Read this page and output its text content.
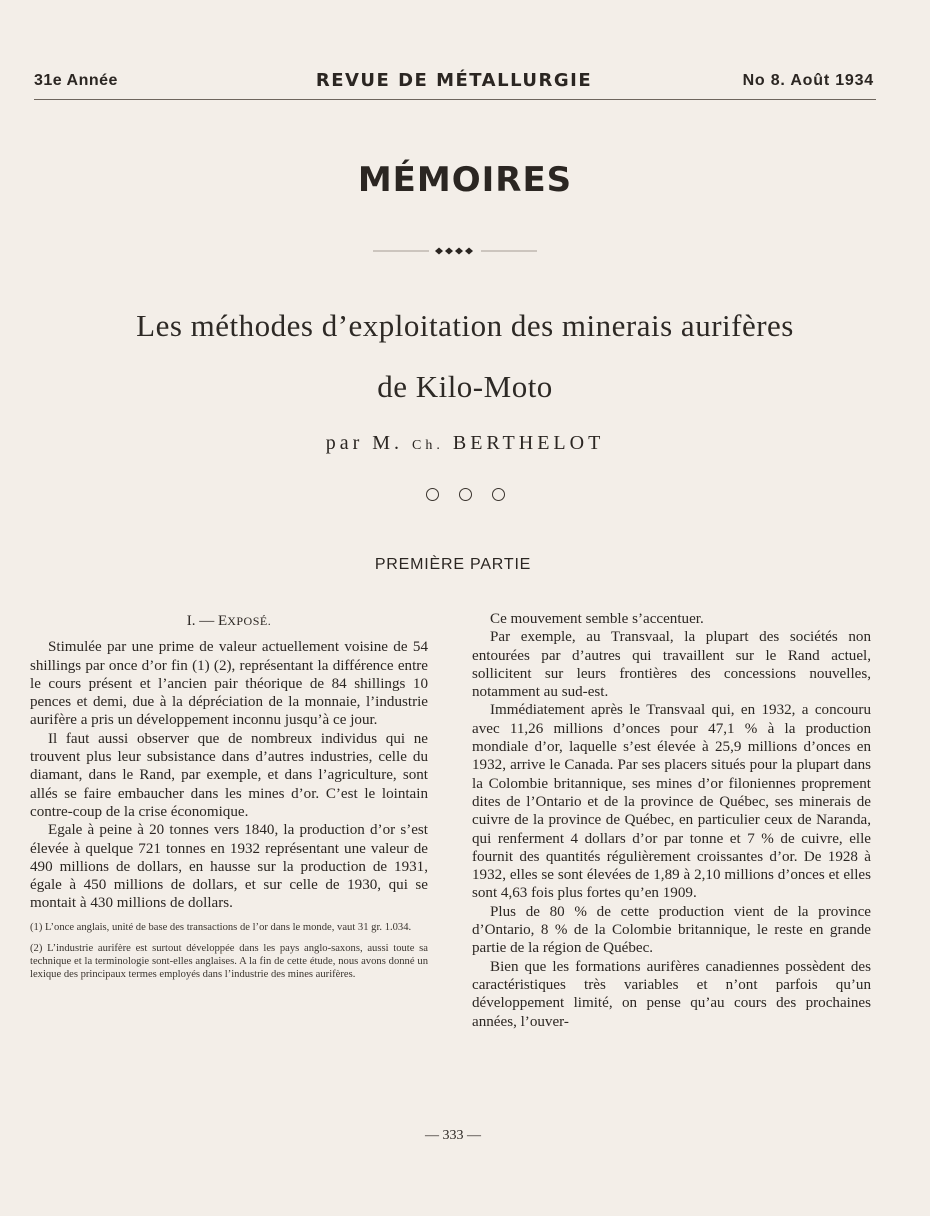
31e Année	REVUE DE MÉTALLURGIE	No 8. Août 1934
MÉMOIRES
Les méthodes d’exploitation des minerais aurifères
de Kilo-Moto
par M. Ch. BERTHELOT
PREMIÈRE PARTIE

I. — EXPOSÉ.

Stimulée par une prime de valeur actuellement voisine de 54 shillings par once d’or fin (1) (2), représentant la différence entre le cours présent et l’ancien pair théorique de 84 shillings 10 pences et demi, due à la dépréciation de la monnaie, l’industrie aurifère a pris un développement inconnu jusqu’à ce jour.

Il faut aussi observer que de nombreux individus qui ne trouvent plus leur subsistance dans d’autres industries, celle du diamant, dans le Rand, par exemple, et dans l’agriculture, sont allés se faire embaucher dans les mines d’or. C’est le lointain contre-coup de la crise économique.

Egale à peine à 20 tonnes vers 1840, la production d’or s’est élevée à quelque 721 tonnes en 1932 représentant une valeur de 490 millions de dollars, en hausse sur la production de 1931, égale à 450 millions de dollars, et sur celle de 1930, qui se montait à 430 millions de dollars.

(1) L’once anglais, unité de base des transactions de l’or dans le monde, vaut 31 gr. 1.034.

(2) L’industrie aurifère est surtout développée dans les pays anglo-saxons, aussi toute sa technique et la terminologie sont-elles anglaises. A la fin de cette étude, nous avons donné un lexique des principaux termes employés dans l’industrie des mines aurifères.

Ce mouvement semble s’accentuer.

Par exemple, au Transvaal, la plupart des sociétés non entourées par d’autres qui travaillent sur le Rand actuel, sollicitent sur leurs frontières des concessions nouvelles, notamment au sud-est.

Immédiatement après le Transvaal qui, en 1932, a concouru avec 11,26 millions d’onces pour 47,1 % à la production mondiale d’or, laquelle s’est élevée à 25,9 millions d’onces en 1932, arrive le Canada. Par ses placers situés pour la plupart dans la Colombie britannique, ses mines d’or filoniennes proprement dites de l’Ontario et de la province de Québec, ses minerais de cuivre de la province de Québec, en particulier ceux de Naranda, qui renferment 4 dollars d’or par tonne et 7 % de cuivre, elle fournit des quantités régulièrement croissantes d’or. De 1928 à 1932, elles se sont élevées de 1,89 à 2,10 millions d’onces et elles sont 4,63 fois plus fortes qu’en 1909.

Plus de 80 % de cette production vient de la province d’Ontario, 8 % de la Colombie britannique, le reste en grande partie de la région de Québec.

Bien que les formations aurifères canadiennes possèdent des caractéristiques très variables et n’ont parfois qu’un développement limité, on pense qu’au cours des prochaines années, l’ouver-

— 333 —
